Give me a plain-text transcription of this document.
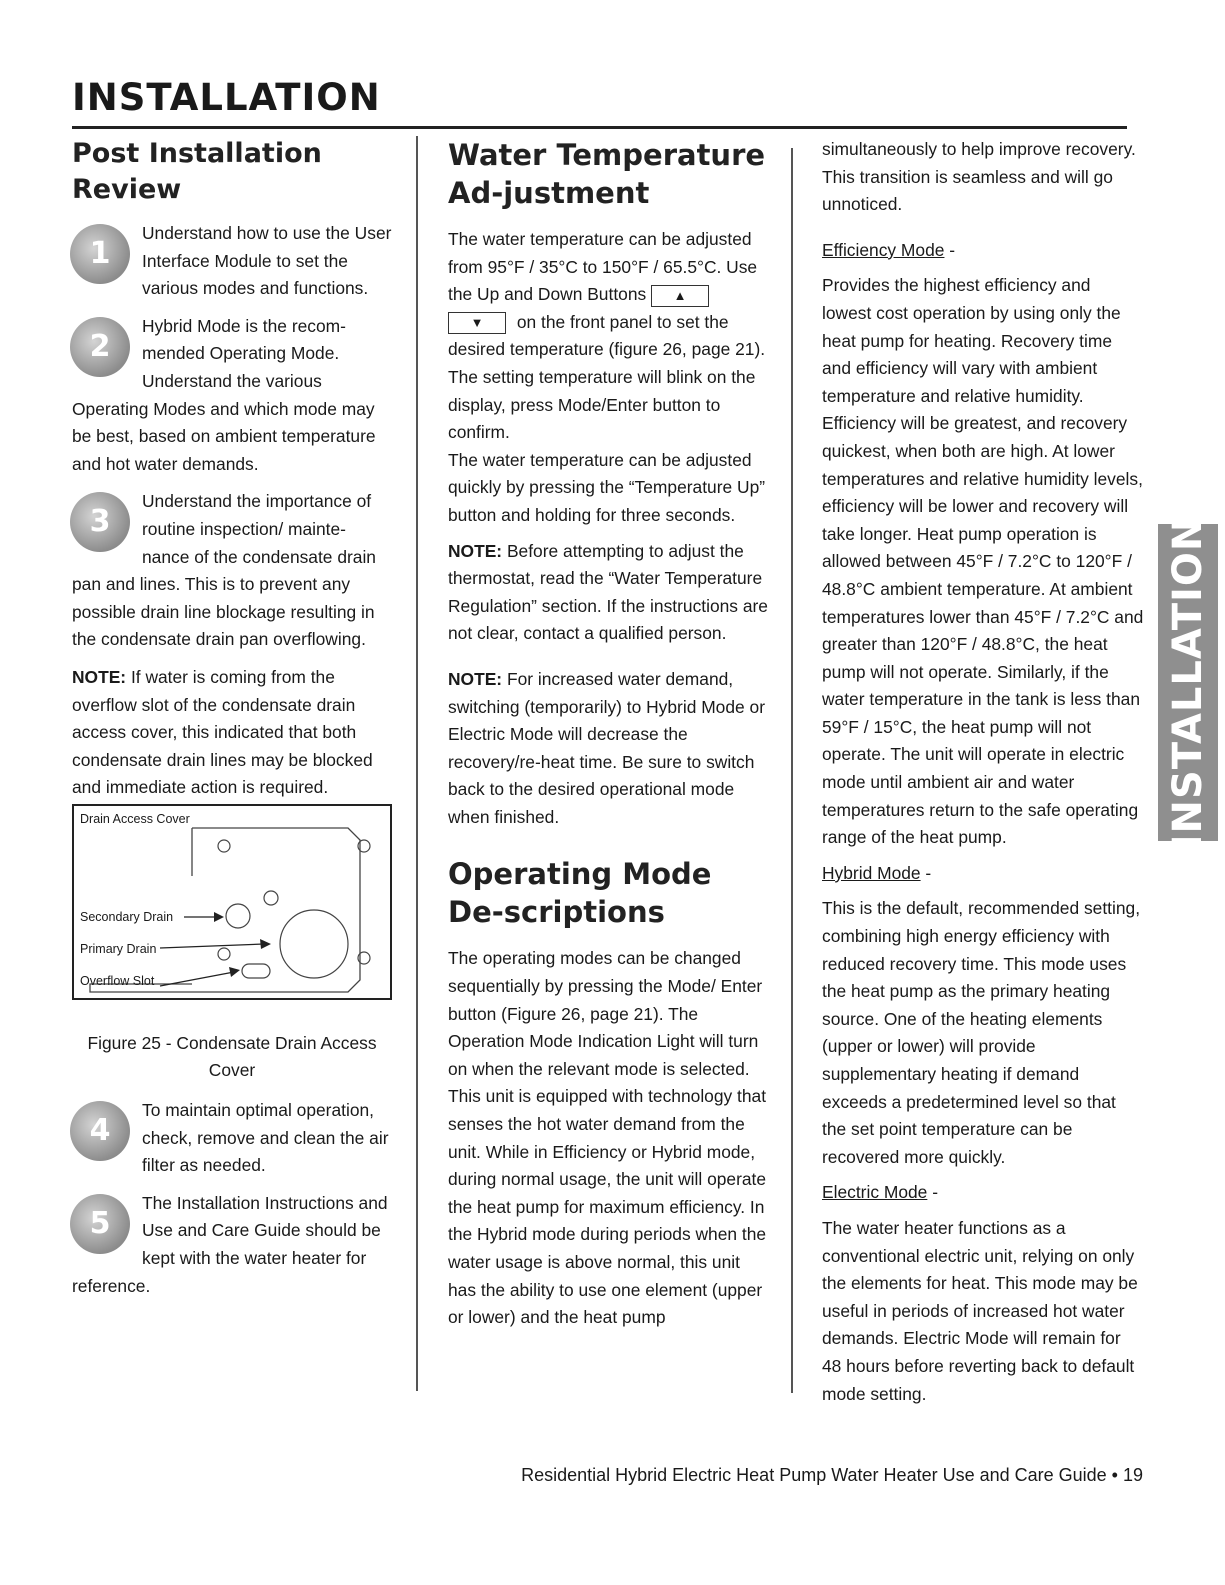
INSTALLATION
Post Installation Review
1

Understand how to use the User Interface Module to set the various modes and functions.

2

Hybrid Mode is the recom-mended Operating Mode. Understand the various Operating Modes and which mode may be best, based on ambient temperature and hot water demands.

3

Understand the importance of routine inspection/ mainte-nance of the condensate drain pan and lines. This is to prevent any possible drain line blockage resulting in the condensate drain pan overflowing.

NOTE: If water is coming from the overflow slot of the condensate drain access cover, this indicated that both condensate drain lines may be blocked and immediate action is required.

Drain Access Cover
Secondary Drain
Primary Drain
Overflow Slot

Figure 25 - Condensate Drain Access Cover

4

To maintain optimal operation, check, remove and clean the air filter as needed.

5

The Installation Instructions and Use and Care Guide should be kept with the water heater for reference.

Water Temperature Ad-justment

The water temperature can be adjusted from 95°F / 35°C to 150°F / 65.5°C. Use the Up and Down Buttons ▲▼ on the front panel to set the desired temperature (figure 26, page 21). The setting temperature will blink on the display, press Mode/Enter button to confirm.

The water temperature can be adjusted quickly by pressing the “Temperature Up” button and holding for three seconds.

NOTE: Before attempting to adjust the thermostat, read the “Water Temperature Regulation” section. If the instructions are not clear, contact a qualified person.

NOTE: For increased water demand, switching (temporarily) to Hybrid Mode or Electric Mode will decrease the recovery/re-heat time. Be sure to switch back to the desired operational mode when finished.

Operating Mode De-scriptions

The operating modes can be changed sequentially by pressing the Mode/ Enter button (Figure 26, page 21). The Operation Mode Indication Light will turn on when the relevant mode is selected.

This unit is equipped with technology that senses the hot water demand from the unit. While in Efficiency or Hybrid mode, during normal usage, the unit will operate the heat pump for maximum efficiency. In the Hybrid mode during periods when the water usage is above normal, this unit has the ability to use one element (upper or lower) and the heat pump

simultaneously to help improve recovery. This transition is seamless and will go unnoticed.

Efficiency Mode -

Provides the highest efficiency and lowest cost operation by using only the heat pump for heating. Recovery time and efficiency will vary with ambient temperature and relative humidity. Efficiency will be greatest, and recovery quickest, when both are high. At lower temperatures and relative humidity levels, efficiency will be lower and recovery will take longer. Heat pump operation is allowed between 45°F / 7.2°C to 120°F / 48.8°C ambient temperature. At ambient temperatures lower than 45°F / 7.2°C and greater than 120°F / 48.8°C, the heat pump will not operate. Similarly, if the water temperature in the tank is less than 59°F / 15°C, the heat pump will not operate. The unit will operate in electric mode until ambient air and water temperatures return to the safe operating range of the heat pump.

Hybrid Mode -

This is the default, recommended setting, combining high energy efficiency with reduced recovery time. This mode uses the heat pump as the primary heating source. One of the heating elements (upper or lower) will provide supplementary heating if demand exceeds a predetermined level so that the set point temperature can be recovered more quickly.

Electric Mode -

The water heater functions as a conventional electric unit, relying on only the elements for heat. This mode may be useful in periods of increased hot water demands. Electric Mode will remain for 48 hours before reverting back to default mode setting.

INSTALLATION
Residential Hybrid Electric Heat Pump Water Heater Use and Care Guide • 19
